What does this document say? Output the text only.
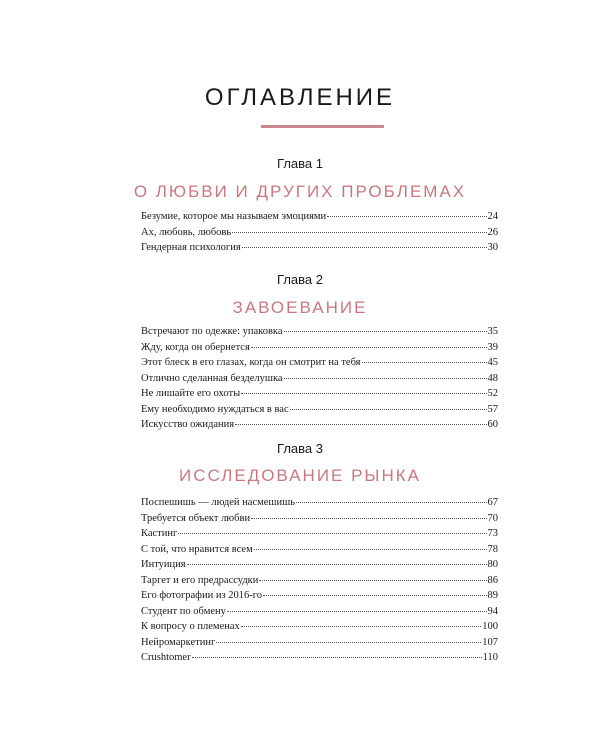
ОГЛАВЛЕНИЕ
Глава 1
О ЛЮБВИ И ДРУГИХ ПРОБЛЕМАХ
Безумие, которое мы называем эмоциями	24
Ах, любовь, любовь	26
Гендерная психология	30
Глава 2
ЗАВОЕВАНИЕ
Встречают по одежке: упаковка	35
Жду, когда он обернется	39
Этот блеск в его глазах, когда он смотрит на тебя	45
Отлично сделанная безделушка	48
Не лишайте его охоты	52
Ему необходимо нуждаться в вас	57
Искусство ожидания	60
Глава 3
ИССЛЕДОВАНИЕ РЫНКА
Поспешишь — людей насмешишь	67
Требуется объект любви	70
Кастинг	73
С той, что нравится всем	78
Интуиция	80
Таргет и его предрассудки	86
Его фотографии из 2016-го	89
Студент по обмену	94
К вопросу о племенах	100
Нейромаркетинг	107
Crushtomer	110
